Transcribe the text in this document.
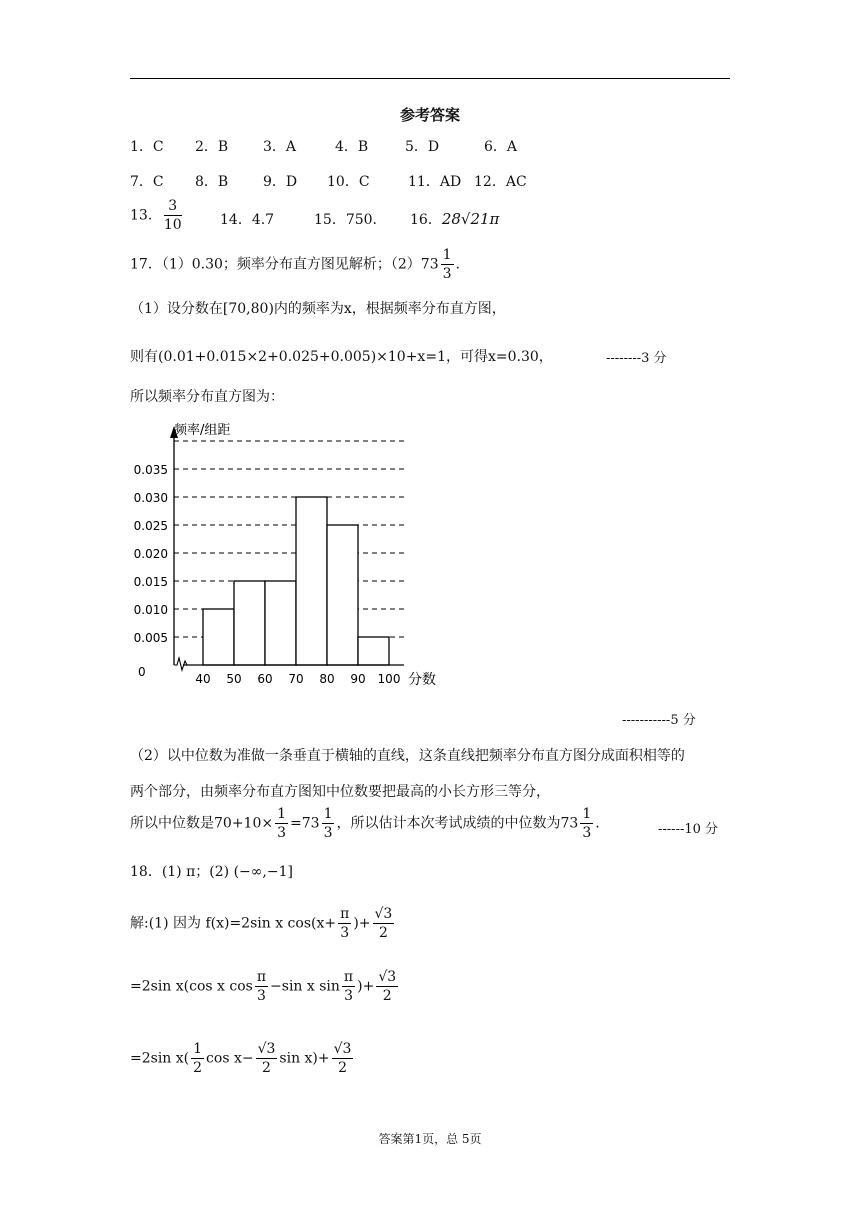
参考答案
1．C 2．B 3．A	4．B	5．D	6．A
7．C 8．B 9．D 10．C	11．AD 12．AC
13． $\frac{3}{10}$	14．4.7	15．750. 16．28√21π
17．（1）0.30；频率分布直方图见解析；$(2)73 \frac{1}{3}$ .
（1）设分数在[70,80)内的频率为x，根据频率分布直方图，
则有(0.01+0.015×2+0.025+0.005)×10+x=1，可得x=0.30，	--------3 分
所以频率分布直方图为：
0
0.005
0.010
0.015
0.020
0.025
0.030
0.035
40 50 60 70 80 90 100
频率/组距
分数
-----------5 分
（2）以中位数为准做一条垂直于横轴的直线，这条直线把频率分布直方图分成面积相等的
两个部分，由频率分布直方图知中位数要把最高的小长方形三等分，
所以中位数是$70+10\times \frac{1}{3} =73 \frac{1}{3}$ ，所以估计本次考试成绩的中位数为$73 \frac{1}{3}$ .	------10 分
18．(1) π；(2) (−∞,−1]
解:(1) 因为 f(x)=2sin x $\cos(x+ \frac{\pi}{3}$ )+ $\frac{√3}{2}$
=2sin x(cos x $\cos \frac{\pi}{3} -\sin$ x $\sin \frac{\pi}{3}$ )+ $\frac{√3}{2}$
=2sin $x( \frac{1}{2}$ $\cos x- \frac{√3}{2}$ $\sin x)+ \frac{√3}{2}$
答案第1页，总 5页
